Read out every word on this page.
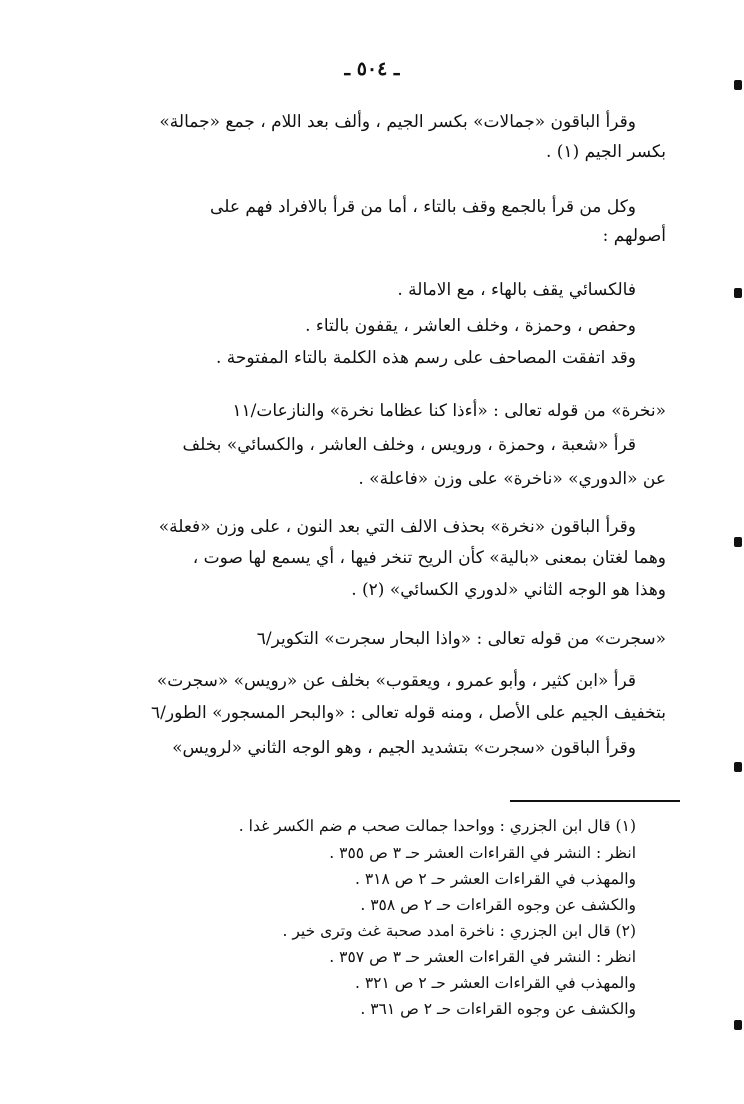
ـ ٥٠٤ ـ
وقرأ الباقون «جمالات» بكسر الجيم ، وألف بعد اللام ، جمع «جمالة»
بكسر الجيم (١) .
وكل من قرأ بالجمع وقف بالتاء ، أما من قرأ بالافراد فهم على
أصولهم :
فالكسائي يقف بالهاء ، مع الامالة .
وحفص ، وحمزة ، وخلف العاشر ، يقفون بالتاء .
وقد اتفقت المصاحف على رسم هذه الكلمة بالتاء المفتوحة .
«نخرة» من قوله تعالى : «أءذا كنا عظاما نخرة» والنازعات/١١
قرأ «شعبة ، وحمزة ، ورويس ، وخلف العاشر ، والكسائي» بخلف
عن «الدوري» «ناخرة» على وزن «فاعلة» .
وقرأ الباقون «نخرة» بحذف الالف التي بعد النون ، على وزن «فعلة»
وهما لغتان بمعنى «بالية» كأن الريح تنخر فيها ، أي يسمع لها صوت ،
وهذا هو الوجه الثاني «لدوري الكسائي» (٢) .
«سجرت» من قوله تعالى : «واذا البحار سجرت» التكوير/٦
قرأ «ابن كثير ، وأبو عمرو ، ويعقوب» بخلف عن «رويس» «سجرت»
بتخفيف الجيم على الأصل ، ومنه قوله تعالى : «والبحر المسجور» الطور/٦
وقرأ الباقون «سجرت» بتشديد الجيم ، وهو الوجه الثاني «لرويس»
(١) قال ابن الجزري : وواحدا جمالت صحب م ضم الكسر غدا .
انظر : النشر في القراءات العشر حـ ٣ ص ٣٥٥ .
والمهذب في القراءات العشر حـ ٢ ص ٣١٨ .
والكشف عن وجوه القراءات حـ ٢ ص ٣٥٨ .
(٢) قال ابن الجزري : ناخرة امدد صحبة غث وترى خير .
انظر : النشر في القراءات العشر حـ ٣ ص ٣٥٧ .
والمهذب في القراءات العشر حـ ٢ ص ٣٢١ .
والكشف عن وجوه القراءات حـ ٢ ص ٣٦١ .
